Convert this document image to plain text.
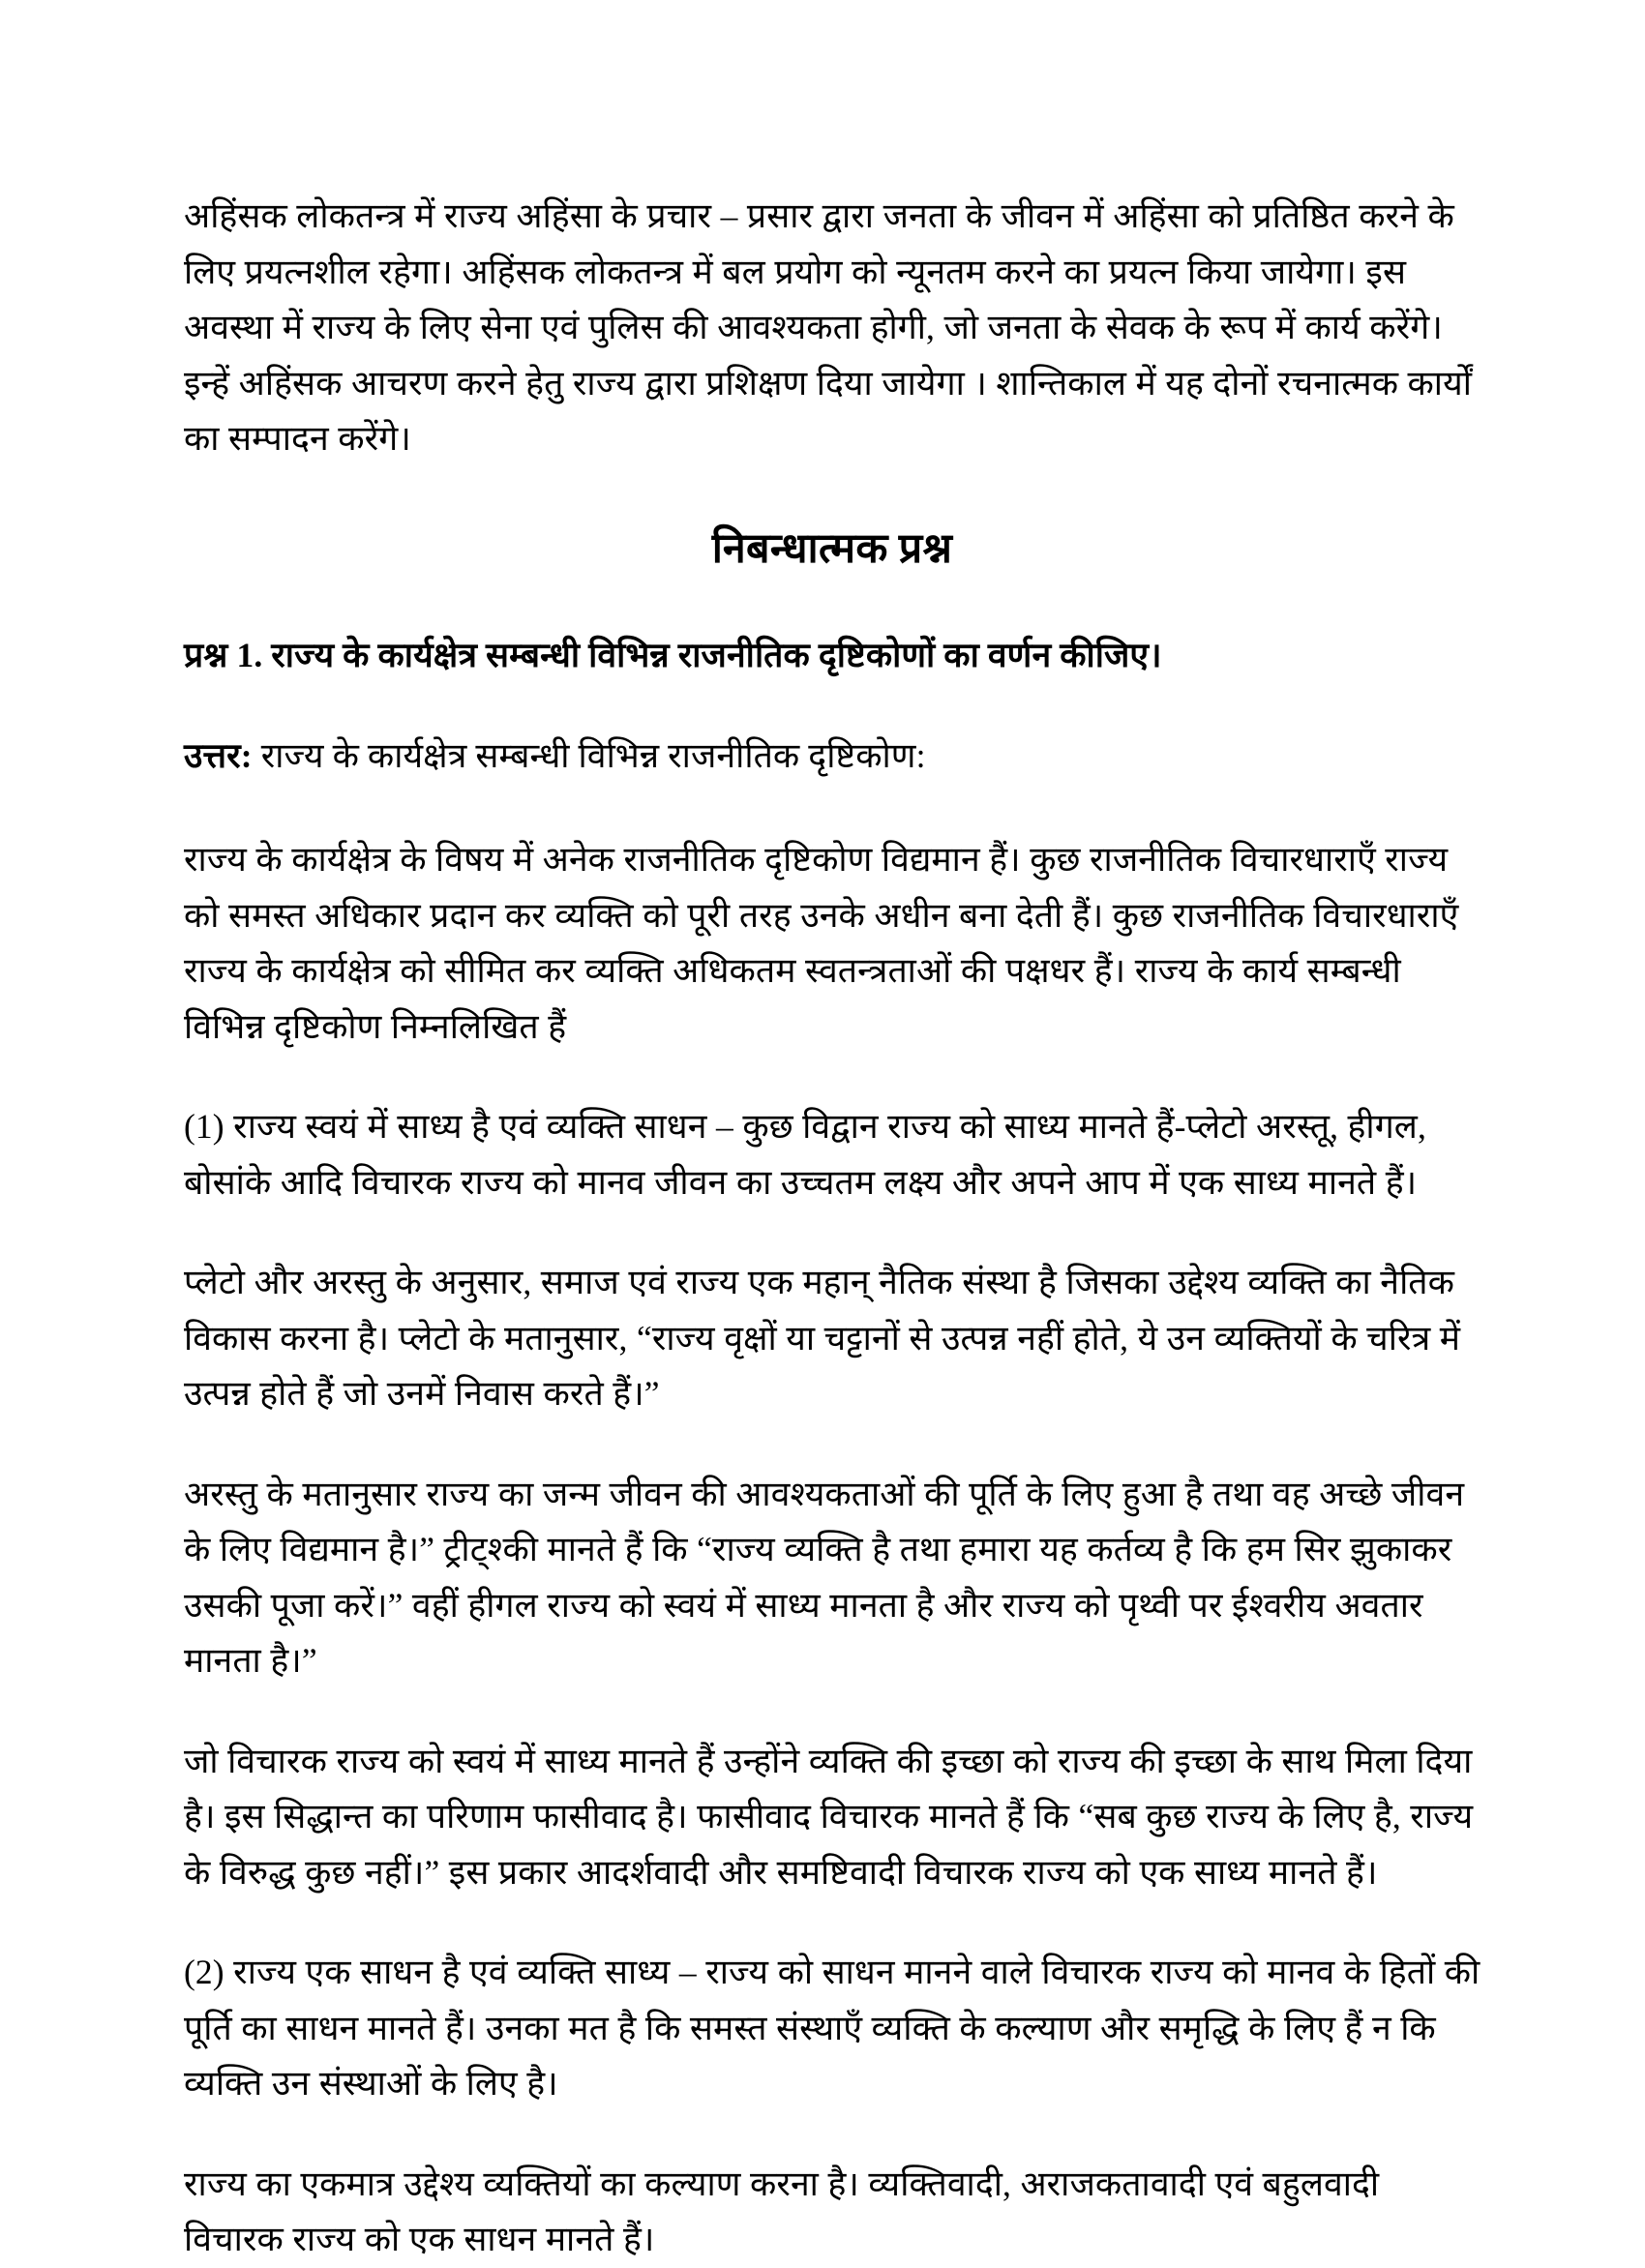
अहिंसक लोकतन्त्र में राज्य अहिंसा के प्रचार – प्रसार द्वारा जनता के जीवन में अहिंसा को प्रतिष्ठित करने के लिए प्रयत्नशील रहेगा। अहिंसक लोकतन्त्र में बल प्रयोग को न्यूनतम करने का प्रयत्न किया जायेगा। इस अवस्था में राज्य के लिए सेना एवं पुलिस की आवश्यकता होगी, जो जनता के सेवक के रूप में कार्य करेंगे। इन्हें अहिंसक आचरण करने हेतु राज्य द्वारा प्रशिक्षण दिया जायेगा । शान्तिकाल में यह दोनों रचनात्मक कार्यों का सम्पादन करेंगे।

निबन्धात्मक प्रश्न

प्रश्न 1. राज्य के कार्यक्षेत्र सम्बन्धी विभिन्न राजनीतिक दृष्टिकोणों का वर्णन कीजिए।

उत्तर: राज्य के कार्यक्षेत्र सम्बन्धी विभिन्न राजनीतिक दृष्टिकोण:

राज्य के कार्यक्षेत्र के विषय में अनेक राजनीतिक दृष्टिकोण विद्यमान हैं। कुछ राजनीतिक विचारधाराएँ राज्य को समस्त अधिकार प्रदान कर व्यक्ति को पूरी तरह उनके अधीन बना देती हैं। कुछ राजनीतिक विचारधाराएँ राज्य के कार्यक्षेत्र को सीमित कर व्यक्ति अधिकतम स्वतन्त्रताओं की पक्षधर हैं। राज्य के कार्य सम्बन्धी विभिन्न दृष्टिकोण निम्नलिखित हैं

(1) राज्य स्वयं में साध्य है एवं व्यक्ति साधन – कुछ विद्वान राज्य को साध्य मानते हैं-प्लेटो अरस्तू, हीगल, बोसांके आदि विचारक राज्य को मानव जीवन का उच्चतम लक्ष्य और अपने आप में एक साध्य मानते हैं।

प्लेटो और अरस्तु के अनुसार, समाज एवं राज्य एक महान् नैतिक संस्था है जिसका उद्देश्य व्यक्ति का नैतिक विकास करना है। प्लेटो के मतानुसार, “राज्य वृक्षों या चट्टानों से उत्पन्न नहीं होते, ये उन व्यक्तियों के चरित्र में उत्पन्न होते हैं जो उनमें निवास करते हैं।”

अरस्तु के मतानुसार राज्य का जन्म जीवन की आवश्यकताओं की पूर्ति के लिए हुआ है तथा वह अच्छे जीवन के लिए विद्यमान है।” ट्रीट्श्की मानते हैं कि “राज्य व्यक्ति है तथा हमारा यह कर्तव्य है कि हम सिर झुकाकर उसकी पूजा करें।” वहीं हीगल राज्य को स्वयं में साध्य मानता है और राज्य को पृथ्वी पर ईश्वरीय अवतार मानता है।”

जो विचारक राज्य को स्वयं में साध्य मानते हैं उन्होंने व्यक्ति की इच्छा को राज्य की इच्छा के साथ मिला दिया है। इस सिद्धान्त का परिणाम फासीवाद है। फासीवाद विचारक मानते हैं कि “सब कुछ राज्य के लिए है, राज्य के विरुद्ध कुछ नहीं।” इस प्रकार आदर्शवादी और समष्टिवादी विचारक राज्य को एक साध्य मानते हैं।

(2) राज्य एक साधन है एवं व्यक्ति साध्य – राज्य को साधन मानने वाले विचारक राज्य को मानव के हितों की पूर्ति का साधन मानते हैं। उनका मत है कि समस्त संस्थाएँ व्यक्ति के कल्याण और समृद्धि के लिए हैं न कि व्यक्ति उन संस्थाओं के लिए है।

राज्य का एकमात्र उद्देश्य व्यक्तियों का कल्याण करना है। व्यक्तिवादी, अराजकतावादी एवं बहुलवादी विचारक राज्य को एक साधन मानते हैं।
